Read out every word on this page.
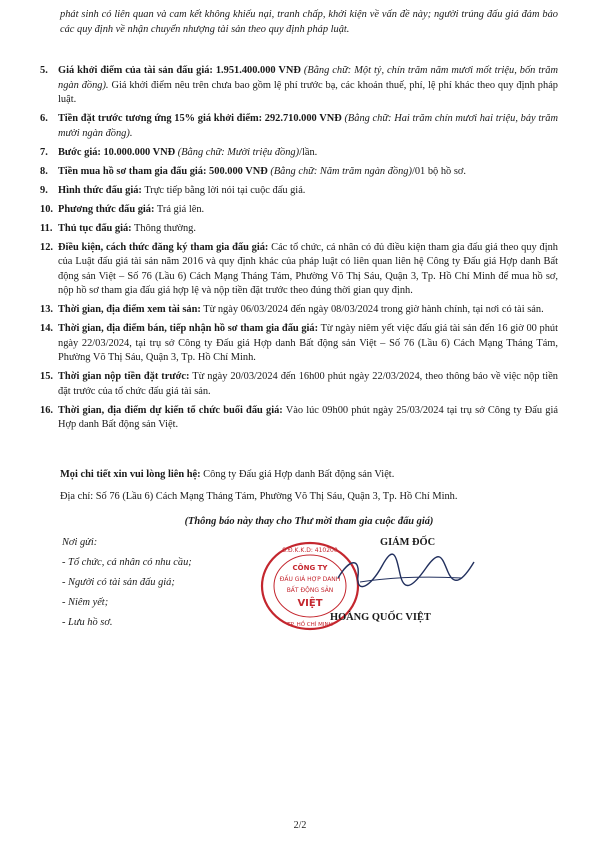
phát sinh có liên quan và cam kết không khiếu nại, tranh chấp, khởi kiện về vấn đề này; người trúng đấu giá đảm bảo các quy định về nhận chuyển nhượng tài sản theo quy định pháp luật.
5. Giá khởi điểm của tài sản đấu giá: 1.951.400.000 VNĐ (Bằng chữ: Một tỷ, chín trăm năm mươi mốt triệu, bốn trăm ngàn đồng). Giá khởi điểm nêu trên chưa bao gồm lệ phí trước bạ, các khoản thuế, phí, lệ phí khác theo quy định pháp luật.
6. Tiền đặt trước tương ứng 15% giá khởi điểm: 292.710.000 VNĐ (Bằng chữ: Hai trăm chín mươi hai triệu, bảy trăm mười ngàn đồng).
7. Bước giá: 10.000.000 VNĐ (Bằng chữ: Mười triệu đồng)/lần.
8. Tiền mua hồ sơ tham gia đấu giá: 500.000 VNĐ (Bằng chữ: Năm trăm ngàn đồng)/01 bộ hồ sơ.
9. Hình thức đấu giá: Trực tiếp bằng lời nói tại cuộc đấu giá.
10. Phương thức đấu giá: Trả giá lên.
11. Thủ tục đấu giá: Thông thường.
12. Điều kiện, cách thức đăng ký tham gia đấu giá: Các tổ chức, cá nhân có đủ điều kiện tham gia đấu giá theo quy định của Luật đấu giá tài sản năm 2016 và quy định khác của pháp luật có liên quan liên hệ Công ty Đấu giá Hợp danh Bất động sản Việt – Số 76 (Lầu 6) Cách Mạng Tháng Tám, Phường Võ Thị Sáu, Quận 3, Tp. Hồ Chí Minh để mua hồ sơ, nộp hồ sơ tham gia đấu giá hợp lệ và nộp tiền đặt trước theo đúng thời gian quy định.
13. Thời gian, địa điểm xem tài sản: Từ ngày 06/03/2024 đến ngày 08/03/2024 trong giờ hành chính, tại nơi có tài sản.
14. Thời gian, địa điểm bán, tiếp nhận hồ sơ tham gia đấu giá: Từ ngày niêm yết việc đấu giá tài sản đến 16 giờ 00 phút ngày 22/03/2024, tại trụ sở Công ty Đấu giá Hợp danh Bất động sản Việt – Số 76 (Lầu 6) Cách Mạng Tháng Tám, Phường Võ Thị Sáu, Quận 3, Tp. Hồ Chí Minh.
15. Thời gian nộp tiền đặt trước: Từ ngày 20/03/2024 đến 16h00 phút ngày 22/03/2024, theo thông báo về việc nộp tiền đặt trước của tổ chức đấu giá tài sản.
16. Thời gian, địa điểm dự kiến tổ chức buổi đấu giá: Vào lúc 09h00 phút ngày 25/03/2024 tại trụ sở Công ty Đấu giá Hợp danh Bất động sản Việt.
Mọi chi tiết xin vui lòng liên hệ: Công ty Đấu giá Hợp danh Bất động sản Việt.
Địa chỉ: Số 76 (Lầu 6) Cách Mạng Tháng Tám, Phường Võ Thị Sáu, Quận 3, Tp. Hồ Chí Minh.
(Thông báo này thay cho Thư mời tham gia cuộc đấu giá)
Nơi gửi:
- Tổ chức, cá nhân có nhu cầu;
- Người có tài sản đấu giá;
- Niêm yết;
- Lưu hồ sơ.
S.Đ.K.K.D: 410200
TP. HỒ CHÍ MINH
CÔNG TY
ĐẤU GIÁ HỢP DANH
BẤT ĐỘNG SẢN
VIỆT
GIÁM ĐỐC
HOÀNG QUỐC VIỆT
2/2
